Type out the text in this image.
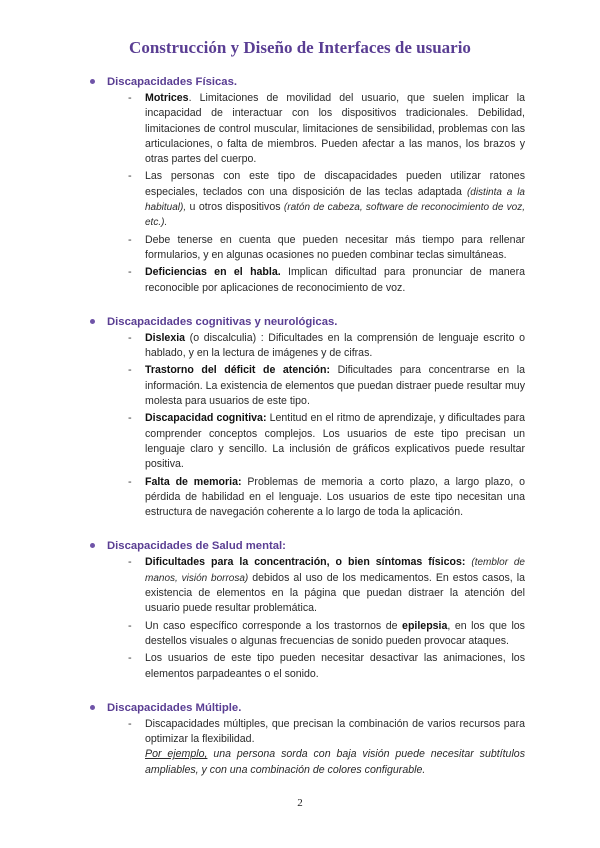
Construcción y Diseño de Interfaces de usuario
Discapacidades Físicas.
- Motrices. Limitaciones de movilidad del usuario, que suelen implicar la incapacidad de interactuar con los dispositivos tradicionales. Debilidad, limitaciones de control muscular, limitaciones de sensibilidad, problemas con las articulaciones, o falta de miembros. Pueden afectar a las manos, los brazos y otras partes del cuerpo.

- Las personas con este tipo de discapacidades pueden utilizar ratones especiales, teclados con una disposición de las teclas adaptada (distinta a la habitual), u otros dispositivos (ratón de cabeza, software de reconocimiento de voz, etc.).

- Debe tenerse en cuenta que pueden necesitar más tiempo para rellenar formularios, y en algunas ocasiones no pueden combinar teclas simultáneas.

- Deficiencias en el habla. Implican dificultad para pronunciar de manera reconocible por aplicaciones de reconocimiento de voz.

Discapacidades cognitivas y neurológicas.
- Dislexia (o discalculia) : Dificultades en la comprensión de lenguaje escrito o hablado, y en la lectura de imágenes y de cifras.

- Trastorno del déficit de atención: Dificultades para concentrarse en la información. La existencia de elementos que puedan distraer puede resultar muy molesta para usuarios de este tipo.

- Discapacidad cognitiva: Lentitud en el ritmo de aprendizaje, y dificultades para comprender conceptos complejos. Los usuarios de este tipo precisan un lenguaje claro y sencillo. La inclusión de gráficos explicativos puede resultar positiva.

- Falta de memoria: Problemas de memoria a corto plazo, a largo plazo, o pérdida de habilidad en el lenguaje. Los usuarios de este tipo necesitan una estructura de navegación coherente a lo largo de toda la aplicación.

Discapacidades de Salud mental:
- Dificultades para la concentración, o bien síntomas físicos: (temblor de manos, visión borrosa) debidos al uso de los medicamentos. En estos casos, la existencia de elementos en la página que puedan distraer la atención del usuario puede resultar problemática.

- Un caso específico corresponde a los trastornos de epilepsia, en los que los destellos visuales o algunas frecuencias de sonido pueden provocar ataques.

- Los usuarios de este tipo pueden necesitar desactivar las animaciones, los elementos parpadeantes o el sonido.

Discapacidades Múltiple.
- Discapacidades múltiples, que precisan la combinación de varios recursos para optimizar la flexibilidad.

Por ejemplo, una persona sorda con baja visión puede necesitar subtítulos ampliables, y con una combinación de colores configurable.

2
